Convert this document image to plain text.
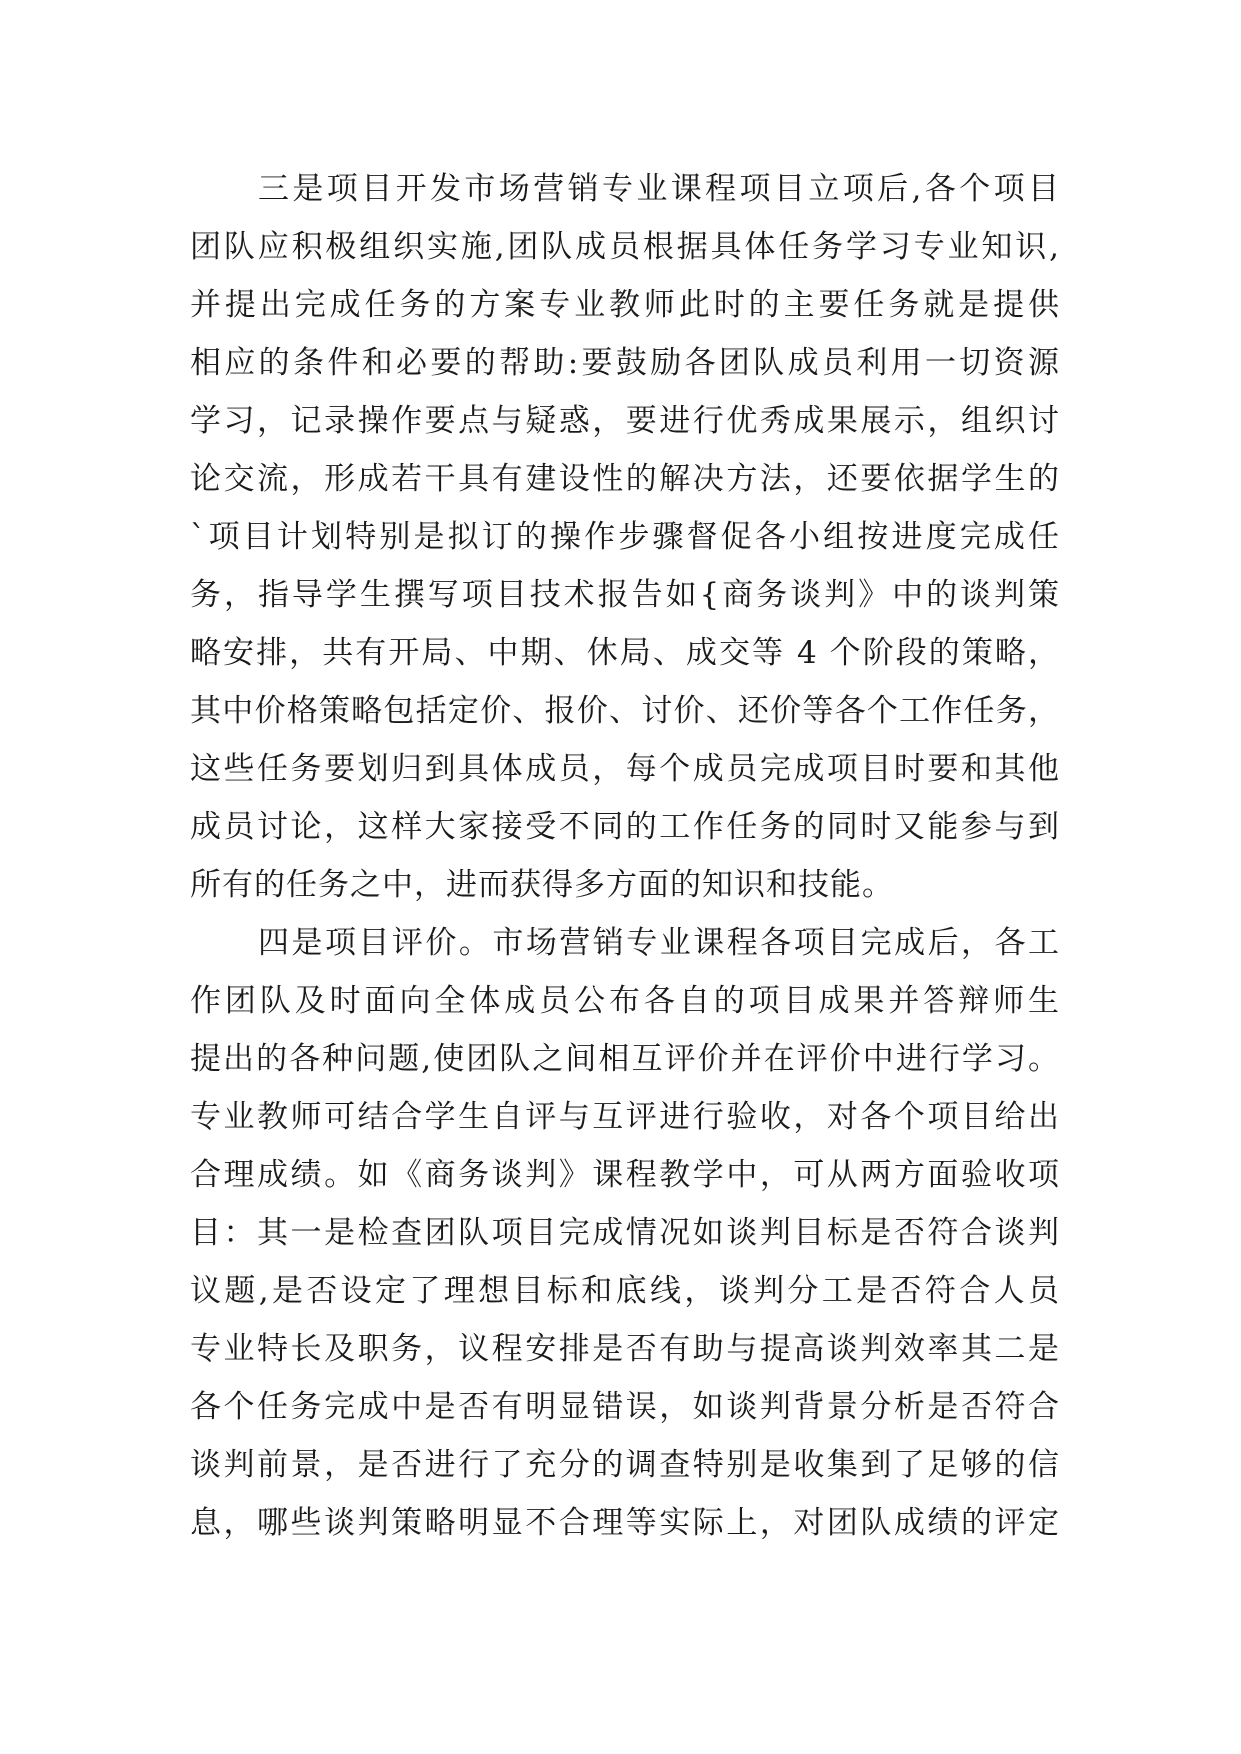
三是项目开发市场营销专业课程项目立项后,各个项目
团队应积极组织实施,团队成员根据具体任务学习专业知识,
并提出完成任务的方案专业教师此时的主要任务就是提供
相应的条件和必要的帮助:要鼓励各团队成员利用一切资源
学习，记录操作要点与疑惑，要进行优秀成果展示，组织讨
论交流，形成若干具有建设性的解决方法，还要依据学生的
`项目计划特别是拟订的操作步骤督促各小组按进度完成任
务，指导学生撰写项目技术报告如{商务谈判》中的谈判策
略安排，共有开局、中期、休局、成交等 4 个阶段的策略，
其中价格策略包括定价、报价、讨价、还价等各个工作任务，
这些任务要划归到具体成员，每个成员完成项目时要和其他
成员讨论，这样大家接受不同的工作任务的同时又能参与到
所有的任务之中，进而获得多方面的知识和技能。
四是项目评价。市场营销专业课程各项目完成后，各工
作团队及时面向全体成员公布各自的项目成果并答辩师生
提出的各种问题,使团队之间相互评价并在评价中进行学习。
专业教师可结合学生自评与互评进行验收，对各个项目给出
合理成绩。如《商务谈判》课程教学中，可从两方面验收项
目：其一是检查团队项目完成情况如谈判目标是否符合谈判
议题,是否设定了理想目标和底线，谈判分工是否符合人员
专业特长及职务，议程安排是否有助与提高谈判效率其二是
各个任务完成中是否有明显错误，如谈判背景分析是否符合
谈判前景，是否进行了充分的调查特别是收集到了足够的信
息，哪些谈判策略明显不合理等实际上，对团队成绩的评定
